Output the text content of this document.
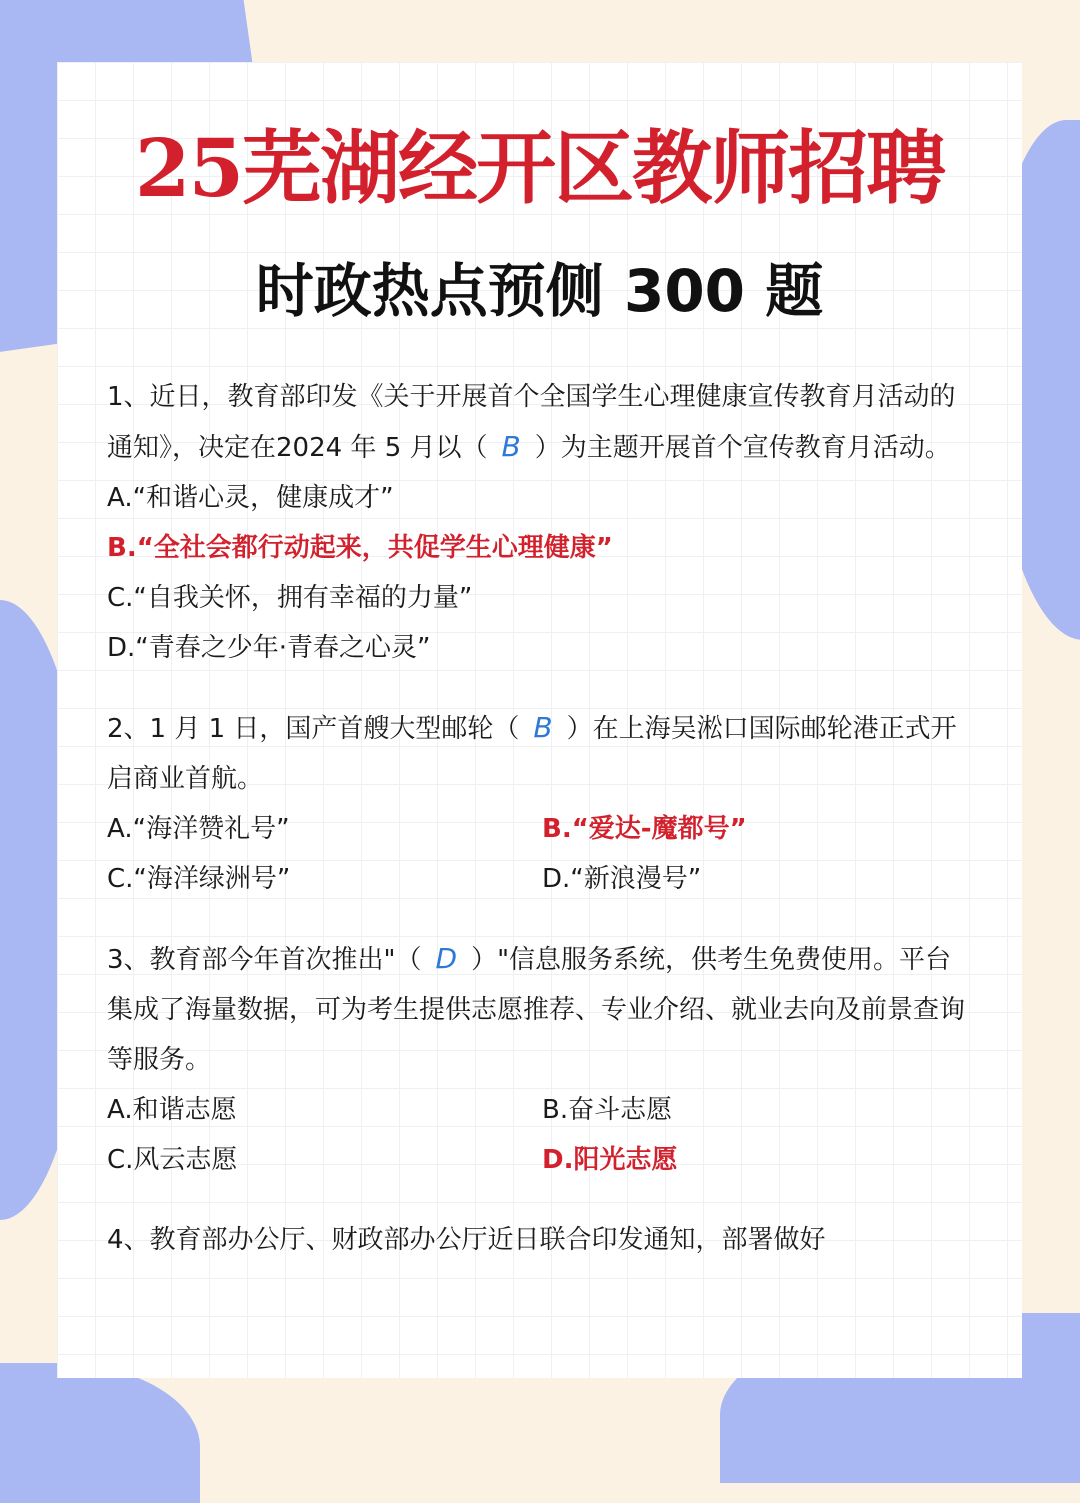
25芜湖经开区教师招聘
时政热点预侧 300 题

1、近日，教育部印发《关于开展首个全国学生心理健康宣传教育月活动的通知》，决定在2024 年 5 月以（ B ）为主题开展首个宣传教育月活动。

A.“和谐心灵，健康成才”

B.“全社会都行动起来，共促学生心理健康”

C.“自我关怀，拥有幸福的力量”

D.“青春之少年·青春之心灵”

2、1 月 1 日，国产首艘大型邮轮（ B ）在上海吴淞口国际邮轮港正式开启商业首航。

A.“海洋赞礼号”	B.“爱达-魔都号”

C.“海洋绿洲号”	D.“新浪漫号”

3、教育部今年首次推出"（ D ）"信息服务系统，供考生免费使用。平台集成了海量数据，可为考生提供志愿推荐、专业介绍、就业去向及前景查询等服务。

A.和谐志愿	B.奋斗志愿

C.风云志愿	D.阳光志愿

4、教育部办公厅、财政部办公厅近日联合印发通知，部署做好
